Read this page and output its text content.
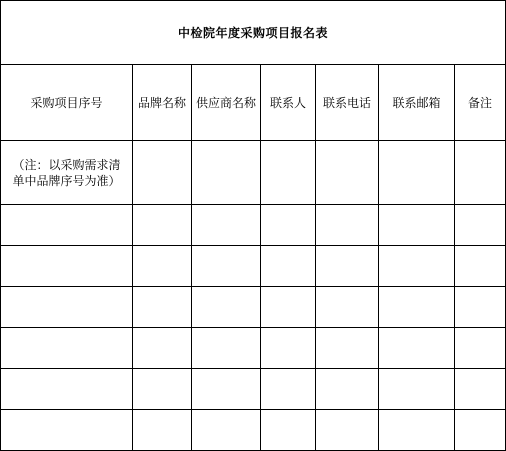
中检院年度采购项目报名表						
采购项目序号	品牌名称	供应商名称	联系人	联系电话	联系邮箱	备注
（注：以采购需求清
单中品牌序号为准）						
